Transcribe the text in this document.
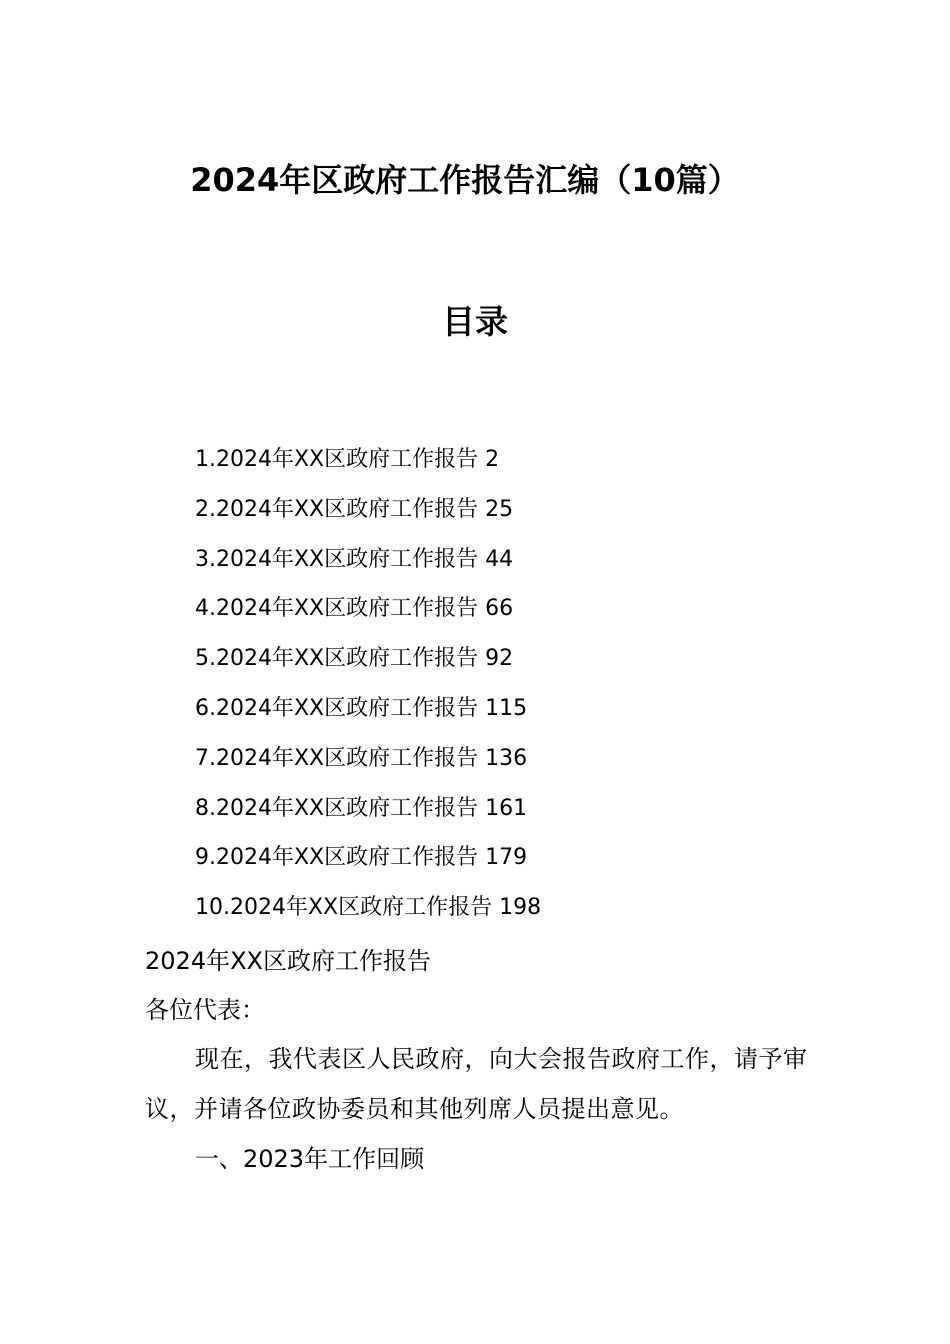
2024年区政府工作报告汇编（10篇）
目录
1.2024年XX区政府工作报告 2
2.2024年XX区政府工作报告 25
3.2024年XX区政府工作报告 44
4.2024年XX区政府工作报告 66
5.2024年XX区政府工作报告 92
6.2024年XX区政府工作报告 115
7.2024年XX区政府工作报告 136
8.2024年XX区政府工作报告 161
9.2024年XX区政府工作报告 179
10.2024年XX区政府工作报告 198
2024年XX区政府工作报告
各位代表：
现在，我代表区人民政府，向大会报告政府工作，请予审议，并请各位政协委员和其他列席人员提出意见。
一、2023年工作回顾
